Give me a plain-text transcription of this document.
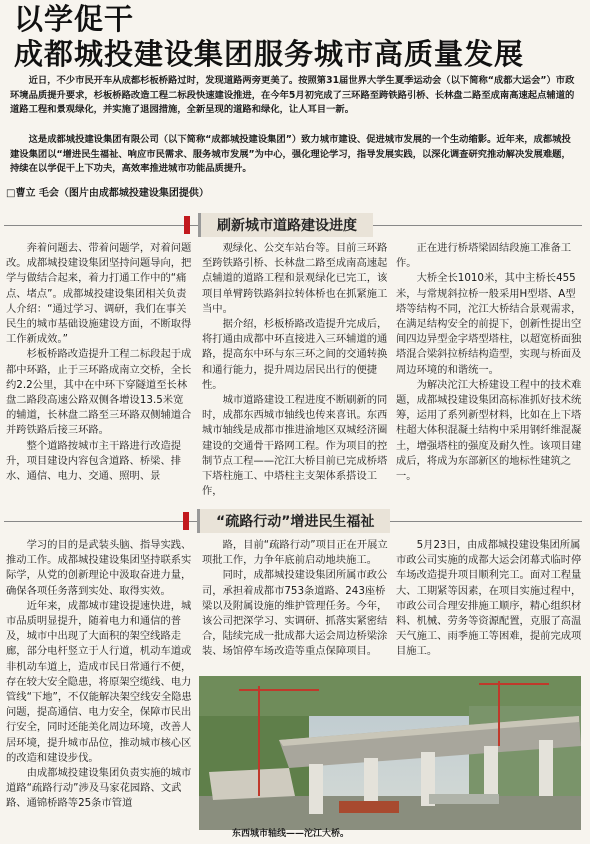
以学促干
成都城投建设集团服务城市高质量发展

近日，不少市民开车从成都杉板桥路过时，发现道路两旁更美了。按照第31届世界大学生夏季运动会（以下简称“成都大运会”）市政环境品质提升要求，杉板桥路改造工程二标段快速建设推进，在今年5月初完成了三环路至跨铁路引桥、长林盘二路至成南高速起点辅道的道路工程和景观绿化，并实施了退园措施，全新呈现的道路和绿化，让人耳目一新。

这是成都城投建设集团有限公司（以下简称“成都城投建设集团”）致力城市建设、促进城市发展的一个生动缩影。近年来，成都城投建设集团以“增进民生福祉、响应市民需求、服务城市发展”为中心，强化理论学习，指导发展实践，以深化调查研究推动解决发展难题，持续在以学促干上下功夫，高效率推进城市功能品质提升。

□曹立 毛会（图片由成都城投建设集团提供）
刷新城市道路建设进度

奔着问题去、带着问题学，对着问题改。成都城投建设集团坚持问题导向，把学与做结合起来，着力打通工作中的“痛点、堵点”。成都城投建设集团相关负责人介绍：“通过学习、调研，我们在事关民生的城市基础设施建设方面，不断取得工作新成效。”

杉板桥路改造提升工程二标段起于成都中环路，止于三环路成南立交桥，全长约2.2公里，其中在中环下穿隧道至长林盘二路段高速公路双侧各增设13.5米宽的辅道，长林盘二路至三环路双侧辅道合并跨铁路后接三环路。

整个道路按城市主干路进行改造提升，项目建设内容包含道路、桥梁、排水、通信、电力、交通、照明、景

观绿化、公交车站台等。目前三环路至跨铁路引桥、长林盘二路至成南高速起点辅道的道路工程和景观绿化已完工，该项目单臂跨铁路斜拉转体桥也在抓紧施工当中。

据介绍，杉板桥路改造提升完成后，将打通由成都中环直接进入三环辅道的通路，提高东中环与东三环之间的交通转换和通行能力，提升周边居民出行的便捷性。

城市道路建设工程进度不断刷新的同时，成都东西城市轴线也传来喜讯。东西城市轴线是成都市推进渝地区双城经济圈建设的交通骨干路网工程。作为项目的控制节点工程——沱江大桥目前已完成桥塔下塔柱施工、中塔柱主支架体系搭设工作，

正在进行桥塔梁固结段施工准备工作。

大桥全长1010米，其中主桥长455米，与常规斜拉桥一般采用H型塔、A型塔等结构不同，沱江大桥结合景观需求，在满足结构安全的前提下，创新性提出空间四边异型金字塔型塔柱，以超宽桥面独塔混合梁斜拉桥结构造型，实现与桥面及周边环境的和谐统一。

为解决沱江大桥建设工程中的技术难题，成都城投建设集团高标准抓好技术统筹，运用了系列新型材料，比如在上下塔柱超大体积混凝土结构中采用钢纤维混凝土，增强塔柱的强度及耐久性。该项目建成后，将成为东部新区的地标性建筑之一。

“疏路行动”增进民生福祉

学习的目的是武装头脑、指导实践、推动工作。成都城投建设集团坚持联系实际学，从党的创新理论中汲取奋进力量，确保各项任务落到实处、取得实效。

近年来，成都城市建设提速快进，城市品质明显提升，随着电力和通信的普及，城市中出现了大面积的架空线路走廊，部分电杆竖立于人行道，机动车道或非机动车道上，造成市民日常通行不便，存在较大安全隐患，将原架空缆线、电力管线“下地”，不仅能解决架空线安全隐患问题，提高通信、电力安全，保障市民出行安全，同时还能美化周边环境，改善人居环境，提升城市品位，推动城市核心区的改造和建设步伐。

由成都城投建设集团负责实施的城市道路“疏路行动”涉及马家花园路、文武路、通锦桥路等25条市管道

路，目前“疏路行动”项目正在开展立项批工作，力争年底前启动地块施工。

同时，成都城投建设集团所属市政公司，承担着成都市753条道路、243座桥梁以及附属设施的维护管理任务。今年，该公司把深学习、实调研、抓落实紧密结合，陆续完成一批成都大运会周边桥梁涂装、场馆停车场改造等重点保障项目。

5月23日，由成都城投建设集团所属市政公司实施的成都大运会闭幕式临时停车场改造提升项目顺利完工。面对工程量大、工期紧等因素，在项目实施过程中，市政公司合理安排施工顺序，精心组织材料、机械、劳务等资源配置，克服了高温天气施工、雨季施工等困难，提前完成项目施工。

东西城市轴线——沱江大桥。
